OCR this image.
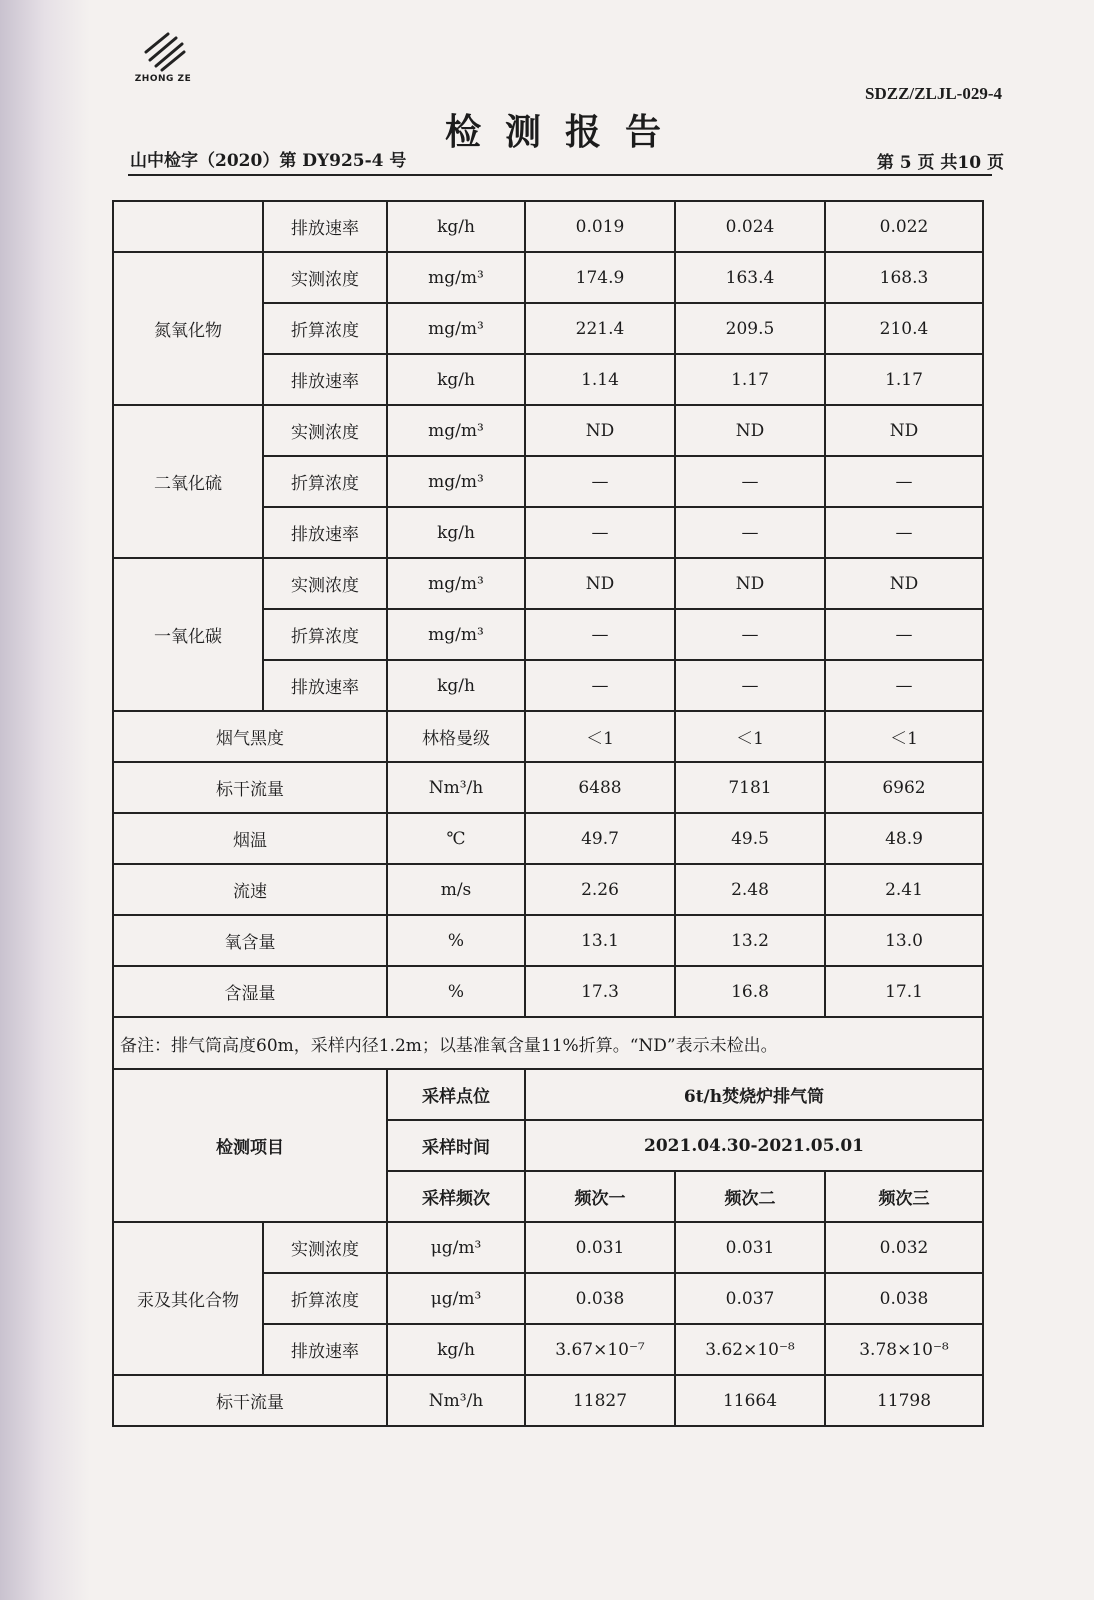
ZHONG ZE
SDZZ/ZLJL-029-4
检测报告
山中检字（2020）第 DY925-4 号	第 5 页 共10 页
	排放速率	kg/h	0.019	0.024	0.022
氮氧化物	实测浓度	mg/m³	174.9	163.4	168.3
	折算浓度	mg/m³	221.4	209.5	210.4
	排放速率	kg/h	1.14	1.17	1.17
二氧化硫	实测浓度	mg/m³	ND	ND	ND
	折算浓度	mg/m³	—	—	—
	排放速率	kg/h	—	—	—
一氧化碳	实测浓度	mg/m³	ND	ND	ND
	折算浓度	mg/m³	—	—	—
	排放速率	kg/h	—	—	—
烟气黑度		林格曼级	＜1	＜1	＜1
标干流量		Nm³/h	6488	7181	6962
烟温		℃	49.7	49.5	48.9
流速		m/s	2.26	2.48	2.41
氧含量		%	13.1	13.2	13.0
含湿量		%	17.3	16.8	17.1
备注：排气筒高度60m，采样内径1.2m；以基准氧含量11%折算。“ND”表示未检出。					
检测项目		采样点位	6t/h焚烧炉排气筒		
		采样时间	2021.04.30-2021.05.01		
		采样频次	频次一	频次二	频次三
汞及其化合物	实测浓度	μg/m³	0.031	0.031	0.032
	折算浓度	μg/m³	0.038	0.037	0.038
	排放速率	kg/h	3.67×10⁻⁷	3.62×10⁻⁸	3.78×10⁻⁸
标干流量		Nm³/h	11827	11664	11798
